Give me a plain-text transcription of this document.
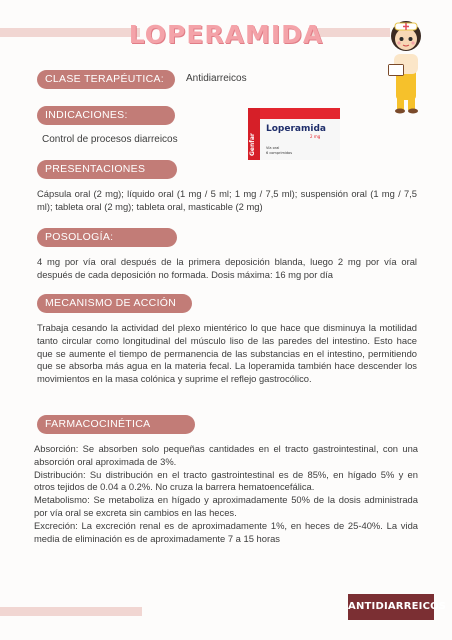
LOPERAMIDA
CLASE TERAPÉUTICA:	Antidiarreicos
INDICACIONES:
Control de procesos diarreicos	Genfar
Loperamida
2 mg
Vía oral
6 comprimidos
PRESENTACIONES
Cápsula oral (2 mg); líquido oral (1 mg / 5 ml; 1 mg / 7,5 ml); suspensión oral (1 mg / 7,5 ml); tableta oral (2 mg); tableta oral, masticable (2 mg)
POSOLOGÍA:
4 mg por vía oral después de la primera deposición blanda, luego 2 mg por vía oral después de cada deposición no formada. Dosis máxima: 16 mg por día
MECANISMO DE ACCIÓN
Trabaja cesando la actividad del plexo mientérico lo que hace que disminuya la motilidad tanto circular como longitudinal del músculo liso de las paredes del intestino. Esto hace que se aumente el tiempo de permanencia de las substancias en el intestino, permitiendo que se absorba más agua en la materia fecal. La loperamida también hace descender los movimientos en la masa colónica y suprime el reflejo gastrocólico.
FARMACOCINÉTICA
Absorción: Se absorben solo pequeñas cantidades en el tracto gastrointestinal, con una absorción oral aproximada de 3%.
Distribución: Su distribución en el tracto gastrointestinal es de 85%, en hígado 5% y en otros tejidos de 0.04 a 0.2%. No cruza la barrera hematoencefálica.
Metabolismo: Se metaboliza en hígado y aproximadamente 50% de la dosis administrada por vía oral se excreta sin cambios en las heces.
Excreción: La excreción renal es de aproximadamente 1%, en heces de 25-40%. La vida media de eliminación es de aproximadamente 7 a 15 horas
ANTIDIARREICOS
